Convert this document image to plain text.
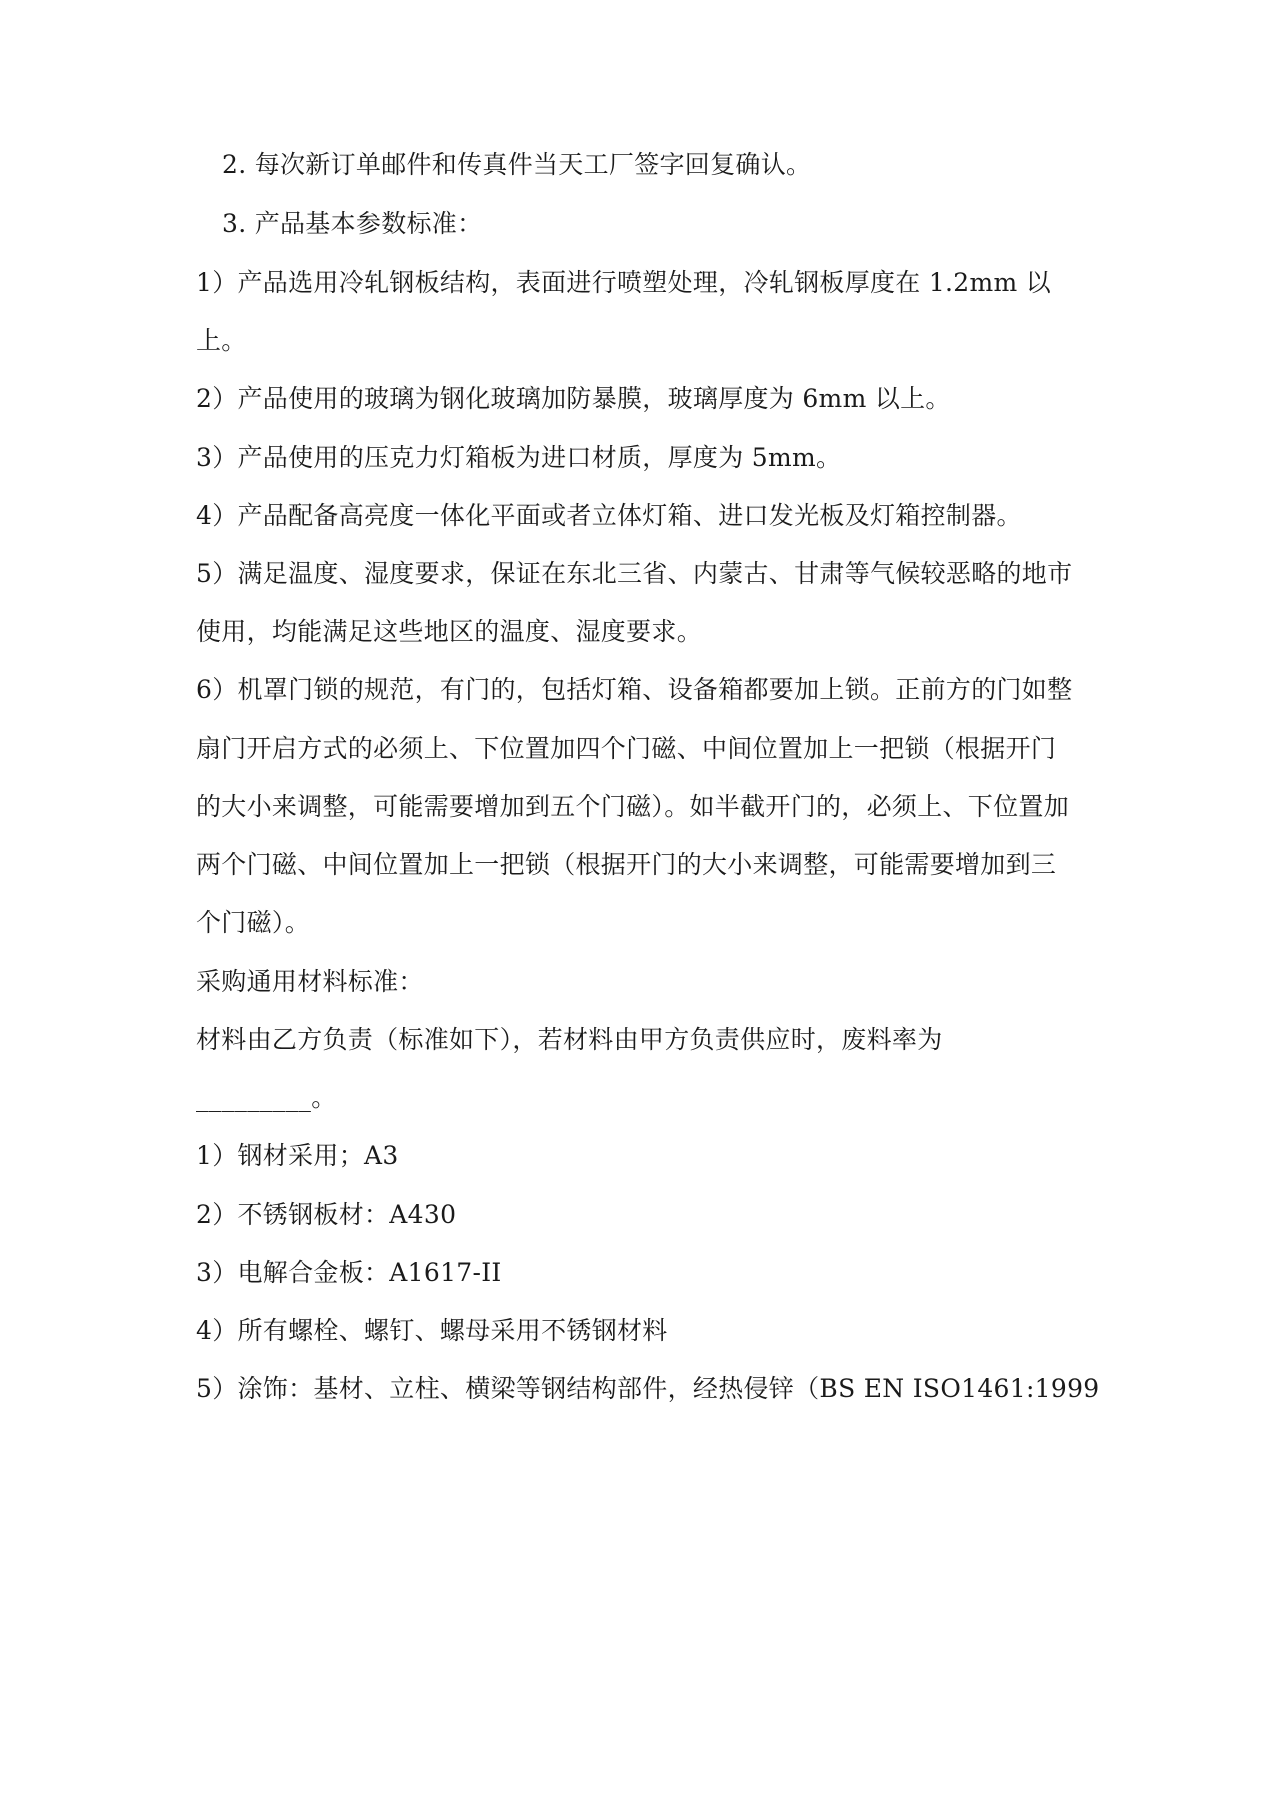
2. 每次新订单邮件和传真件当天工厂签字回复确认。
3. 产品基本参数标准：
1）产品选用冷轧钢板结构，表面进行喷塑处理，冷轧钢板厚度在 1.2mm 以
上。
2）产品使用的玻璃为钢化玻璃加防暴膜，玻璃厚度为 6mm 以上。
3）产品使用的压克力灯箱板为进口材质，厚度为 5mm。
4）产品配备高亮度一体化平面或者立体灯箱、进口发光板及灯箱控制器。
5）满足温度、湿度要求，保证在东北三省、内蒙古、甘肃等气候较恶略的地市
使用，均能满足这些地区的温度、湿度要求。
6）机罩门锁的规范，有门的，包括灯箱、设备箱都要加上锁。正前方的门如整
扇门开启方式的必须上、下位置加四个门磁、中间位置加上一把锁（根据开门
的大小来调整，可能需要增加到五个门磁）。如半截开门的，必须上、下位置加
两个门磁、中间位置加上一把锁（根据开门的大小来调整，可能需要增加到三
个门磁）。
采购通用材料标准：
材料由乙方负责（标准如下），若材料由甲方负责供应时，废料率为
_________。
1）钢材采用；A3
2）不锈钢板材：A430
3）电解合金板：A1617-II
4）所有螺栓、螺钉、螺母采用不锈钢材料
5）涂饰：基材、立柱、横梁等钢结构部件，经热侵锌（BS EN ISO1461:1999
